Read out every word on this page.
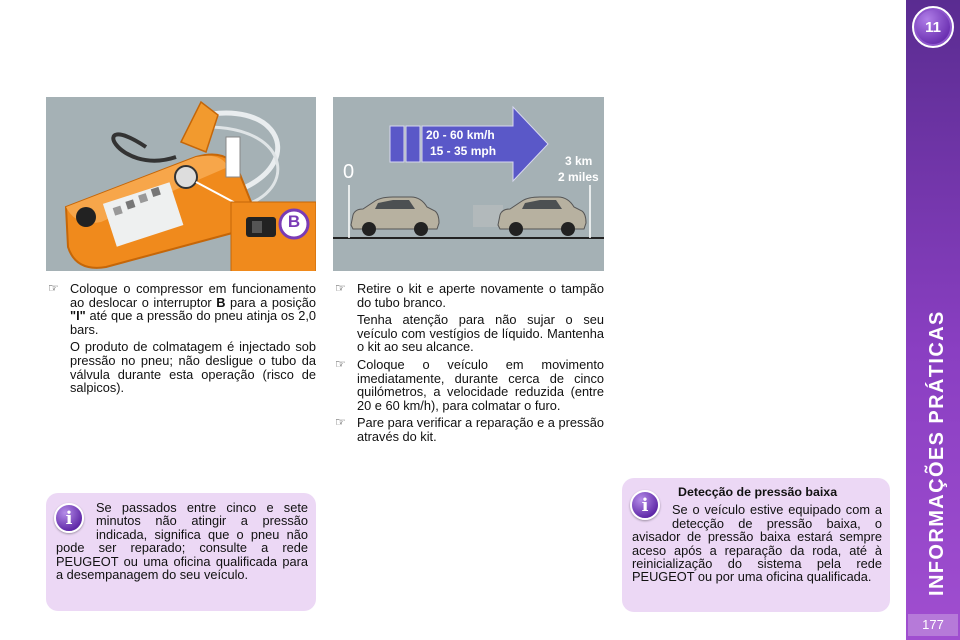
11
INFORMAÇÕES PRÁTICAS
177
B
20 - 60 km/h
15 - 35 mph
0	3 km
2 miles
☞ Coloque o compressor em funcionamento ao deslocar o interruptor B para a posição "I" até que a pressão do pneu atinja os 2,0 bars.
O produto de colmatagem é injectado sob pressão no pneu; não desligue o tubo da válvula durante esta operação (risco de salpicos).
☞ Retire o kit e aperte novamente o tampão do tubo branco.
Tenha atenção para não sujar o seu veículo com vestígios de líquido. Mantenha o kit ao seu alcance.
☞ Coloque o veículo em movimento imediatamente, durante cerca de cinco quilómetros, a velocidade reduzida (entre 20 e 60 km/h), para colmatar o furo.
☞ Pare para verificar a reparação e a pressão através do kit.
i	Se passados entre cinco e sete minutos não atingir a pressão indicada, significa que o pneu não pode ser reparado; consulte a rede PEUGEOT ou uma oficina qualificada para a desempanagem do seu veículo.
i
Detecção de pressão baixa
Se o veículo estive equipado com a detecção de pressão baixa, o avisador de pressão baixa estará sempre aceso após a reparação da roda, até à reinicialização do sistema pela rede PEUGEOT ou por uma oficina qualificada.
